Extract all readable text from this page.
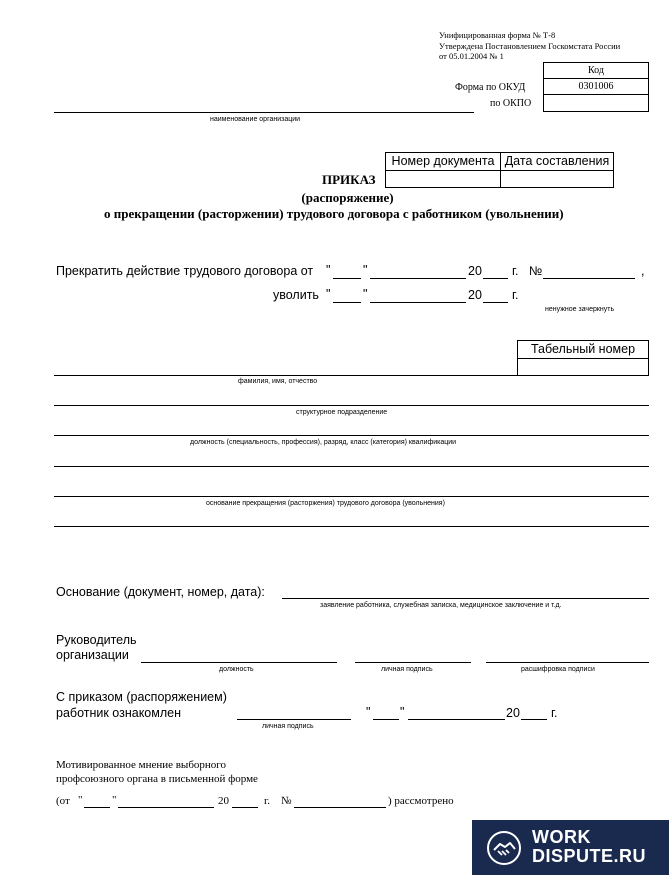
Унифицированная форма № Т-8
Утверждена Постановлением Госкомстата России
от 05.01.2004 № 1
Код
0301006

Форма по ОКУД
по ОКПО
наименование организации
Номер документа	Дата составления

ПРИКАЗ
(распоряжение)
о прекращении (расторжении) трудового договора с работником (увольнении)
Прекратить действие трудового договора от "	"	20 г. №	,
уволить "	"	20 г.
ненужное зачеркнуть
Табельный номер

фамилия, имя, отчество
структурное подразделение
должность (специальность, профессия), разряд, класс (категория) квалификации
основание прекращения (расторжения) трудового договора (увольнения)
Основание (документ, номер, дата):
заявление работника, служебная записка, медицинское заключение и т.д.
Руководитель
организации
должность	личная подпись	расшифровка подписи
С приказом (распоряжением)
работник ознакомлен
личная подпись
" "	20 г.
Мотивированное мнение выборного
профсоюзного органа в письменной форме
(от "	"	20	г. №	) рассмотрено
WORK
DISPUTE.RU
